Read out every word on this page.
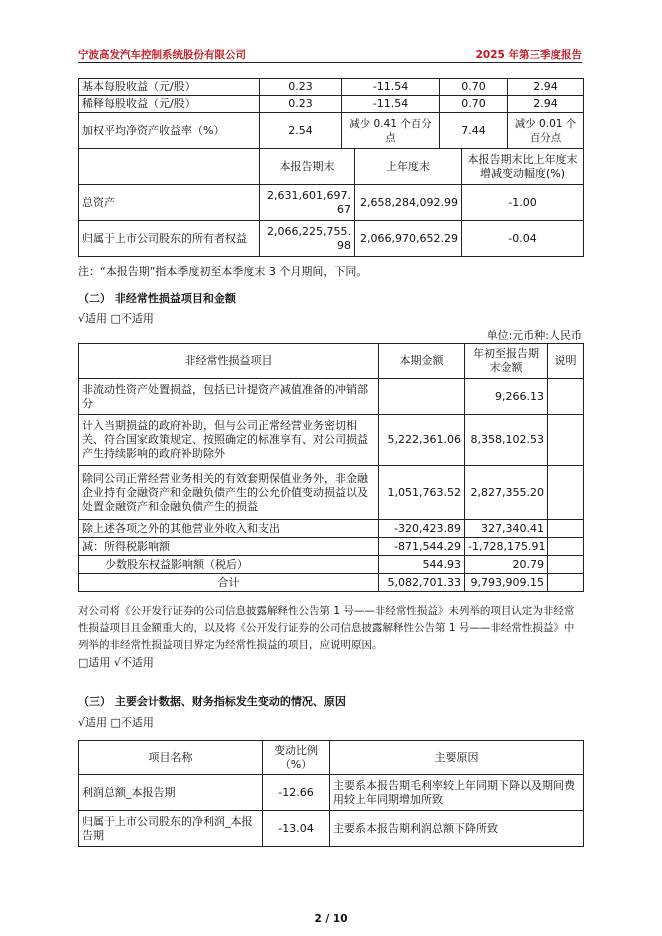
宁波高发汽车控制系统股份有限公司	2025 年第三季度报告
基本每股收益（元/股）	0.23	-11.54	0.70	2.94
稀释每股收益（元/股）	0.23	-11.54	0.70	2.94
加权平均净资产收益率（%）	2.54	减少 0.41 个百分点	7.44	减少 0.01 个百分点
	本报告期末	上年度末	本报告期末比上年度末增减变动幅度(%)
总资产	2,631,601,697.67	2,658,284,092.99	-1.00
归属于上市公司股东的所有者权益	2,066,225,755.98	2,066,970,652.29	-0.04
注：“本报告期”指本季度初至本季度末 3 个月期间，下同。
（二） 非经常性损益项目和金额
√适用 □不适用
单位:元币种:人民币
非经常性损益项目	本期金额	年初至报告期末金额	说明
非流动性资产处置损益，包括已计提资产减值准备的冲销部分		9,266.13	
计入当期损益的政府补助，但与公司正常经营业务密切相关、符合国家政策规定、按照确定的标准享有、对公司损益产生持续影响的政府补助除外	5,222,361.06	8,358,102.53	
除同公司正常经营业务相关的有效套期保值业务外，非金融企业持有金融资产和金融负债产生的公允价值变动损益以及处置金融资产和金融负债产生的损益	1,051,763.52	2,827,355.20	
除上述各项之外的其他营业外收入和支出	-320,423.89	327,340.41	
减：所得税影响额	-871,544.29	-1,728,175.91	
少数股东权益影响额（税后）	544.93	20.79	
合计	5,082,701.33	9,793,909.15	
对公司将《公开发行证券的公司信息披露解释性公告第 1 号——非经常性损益》未列举的项目认定为非经常性损益项目且金额重大的，以及将《公开发行证券的公司信息披露解释性公告第 1 号——非经常性损益》中列举的非经常性损益项目界定为经常性损益的项目，应说明原因。
□适用 √不适用
（三） 主要会计数据、财务指标发生变动的情况、原因
√适用 □不适用
项目名称	变动比例（%）	主要原因
利润总额_本报告期	-12.66	主要系本报告期毛利率较上年同期下降以及期间费用较上年同期增加所致
归属于上市公司股东的净利润_本报告期	-13.04	主要系本报告期利润总额下降所致
2 / 10
